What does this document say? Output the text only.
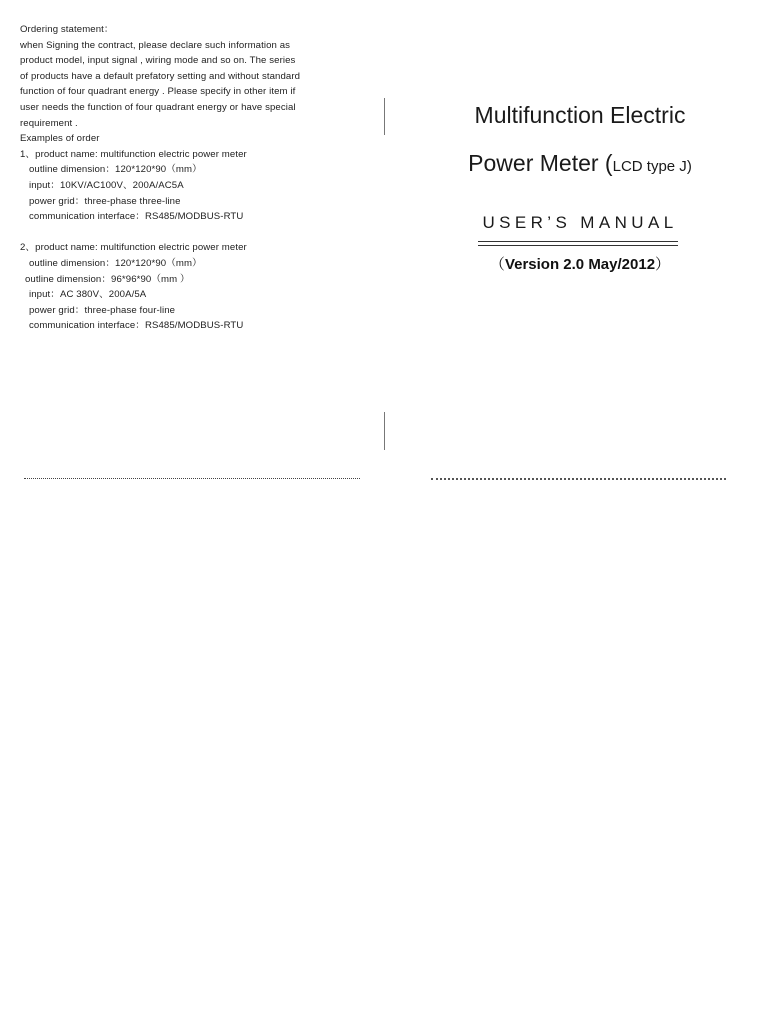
Ordering statement：
when Signing the contract, please declare such information as
product model, input signal , wiring mode and so on. The series
of products have a default prefatory setting and without standard
function of four quadrant energy . Please specify in other item if
user needs the function of four quadrant energy or have special
requirement .
Examples of order
1、product name: multifunction electric power meter
outline dimension：120*120*90（mm）
input：10KV/AC100V、200A/AC5A
power grid：three-phase three-line
communication interface：RS485/MODBUS-RTU
2、product name: multifunction electric power meter
outline dimension：120*120*90（mm）
outline dimension：96*96*90（mm ）
input：AC 380V、200A/5A
power grid：three-phase four-line
communication interface：RS485/MODBUS-RTU
Multifunction Electric
Power Meter (LCD type J)
USER’S MANUAL
（Version 2.0 May/2012）
